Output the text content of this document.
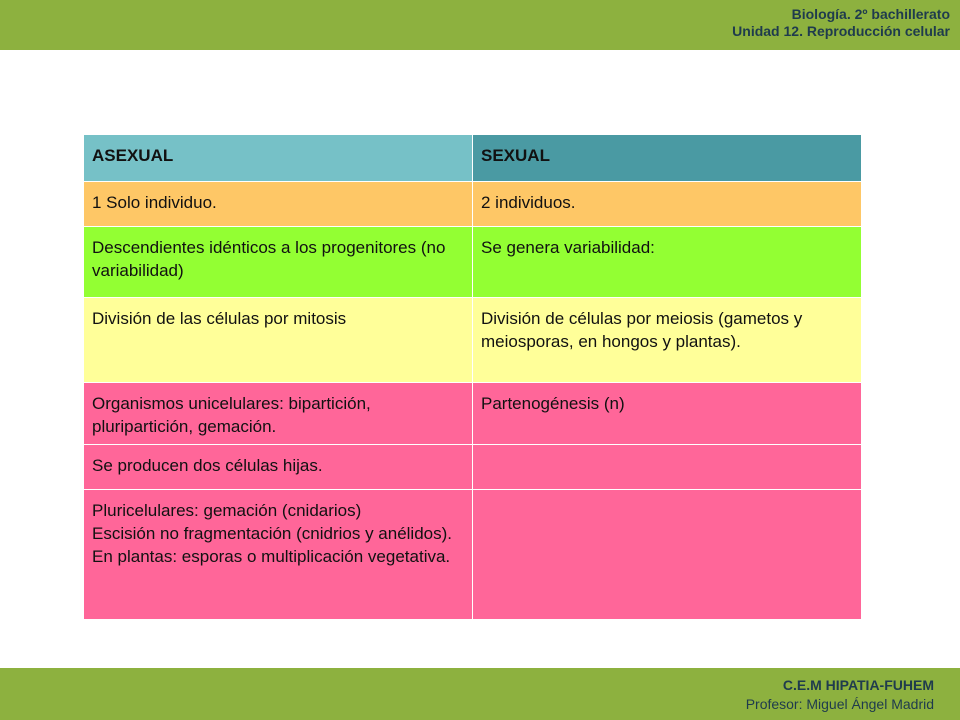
Biología. 2º bachillerato
Unidad 12. Reproducción celular
ASEXUAL	SEXUAL
1 Solo individuo.	2 individuos.
Descendientes idénticos a los progenitores (no variabilidad)	Se genera variabilidad:
División de las células por mitosis	División de células por meiosis (gametos y meiosporas, en hongos y plantas).
Organismos unicelulares: bipartición, pluripartición, gemación.	Partenogénesis (n)
Se producen dos células hijas.	

Pluricelulares: gemación (cnidarios)
Escisión no fragmentación (cnidrios y anélidos).
En plantas: esporas o multiplicación vegetativa.	

C.E.M HIPATIA-FUHEM
Profesor: Miguel Ángel Madrid
